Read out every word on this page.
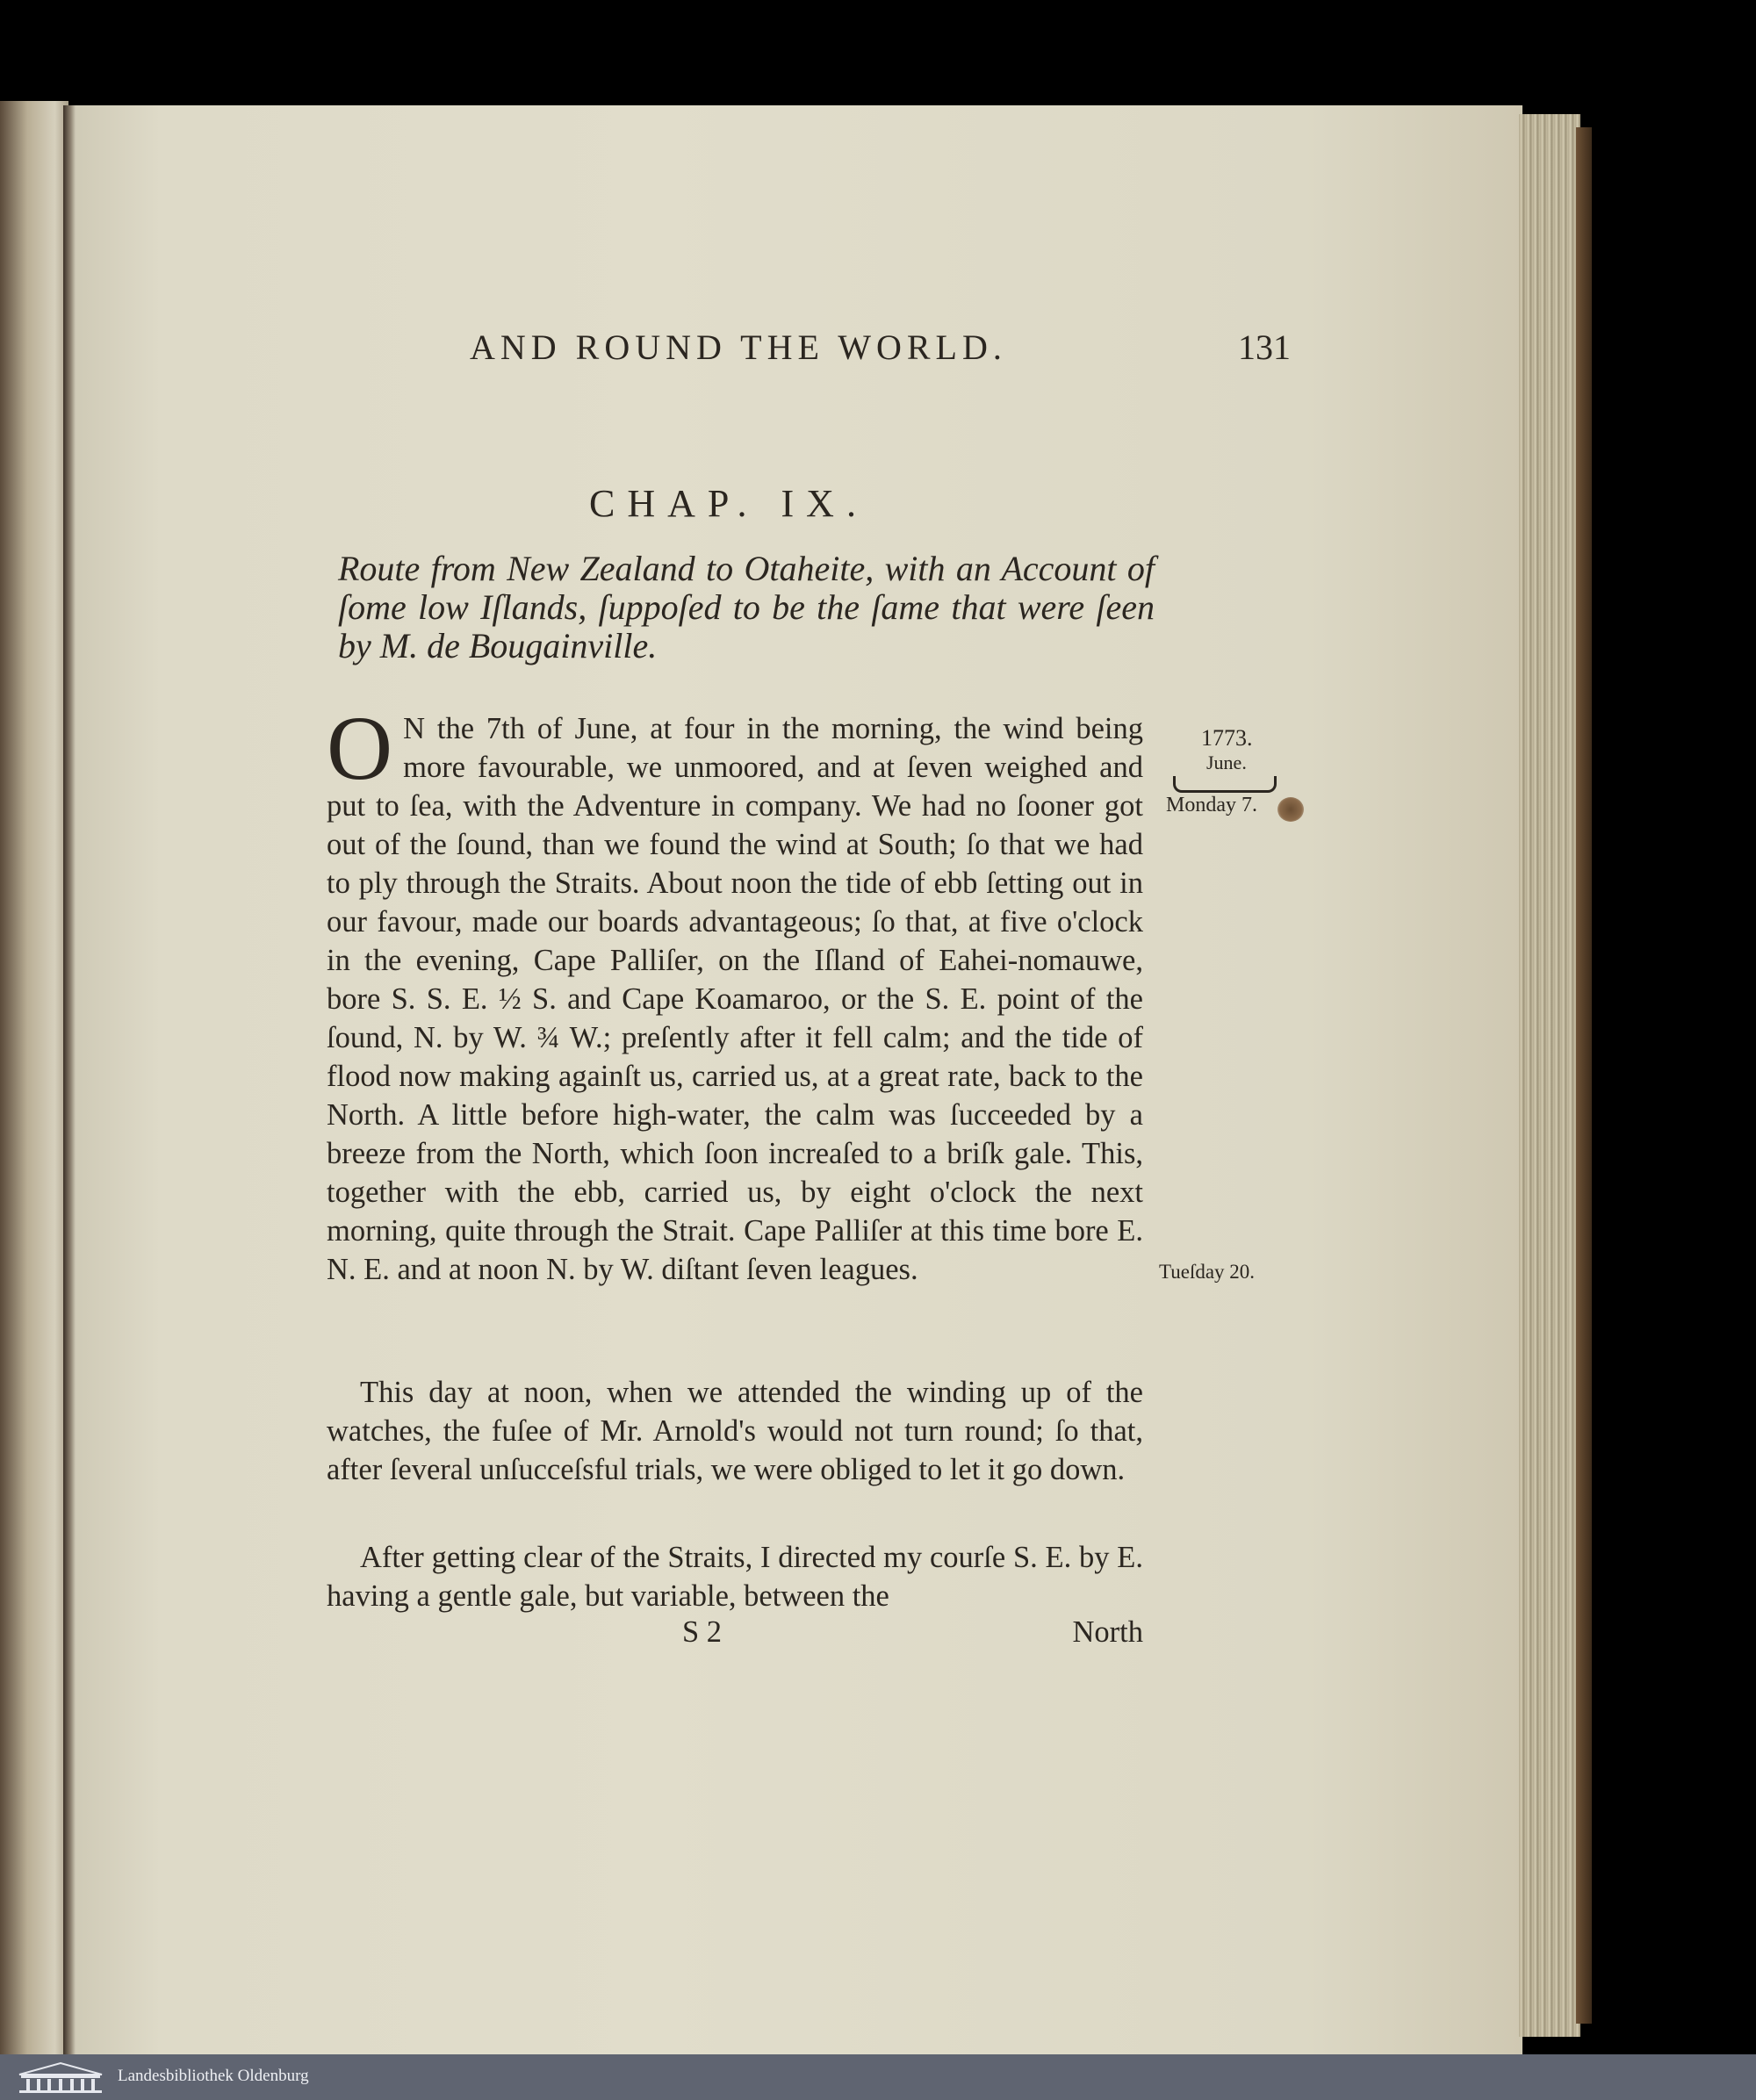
AND ROUND THE WORLD.	131
CHAP. IX.
Route from New Zealand to Otaheite, with an Account of ſome low Iſlands, ſuppoſed to be the ſame that were ſeen by M. de Bougainville.
O N the 7th of June, at four in the morning, the wind being more favourable, we unmoored, and at ſeven weighed and put to ſea, with the Adventure in company. We had no ſooner got out of the ſound, than we found the wind at South; ſo that we had to ply through the Straits. About noon the tide of ebb ſetting out in our favour, made our boards advantageous; ſo that, at five o'clock in the evening, Cape Palliſer, on the Iſland of Eahei-nomauwe, bore S. S. E. ½ S. and Cape Koamaroo, or the S. E. point of the ſound, N. by W. ¾ W.; preſently after it fell calm; and the tide of flood now making againſt us, carried us, at a great rate, back to the North. A little before high-water, the calm was ſucceeded by a breeze from the North, which ſoon increaſed to a briſk gale. This, together with the ebb, carried us, by eight o'clock the next morning, quite through the Strait. Cape Palliſer at this time bore E. N. E. and at noon N. by W. diſtant ſeven leagues.
This day at noon, when we attended the winding up of the watches, the fuſee of Mr. Arnold's would not turn round; ſo that, after ſeveral unſucceſsful trials, we were obliged to let it go down.
After getting clear of the Straits, I directed my courſe S. E. by E. having a gentle gale, but variable, between the
S 2	North
1773.
June.
Monday 7.
Tueſday 20.
Landesbibliothek Oldenburg
